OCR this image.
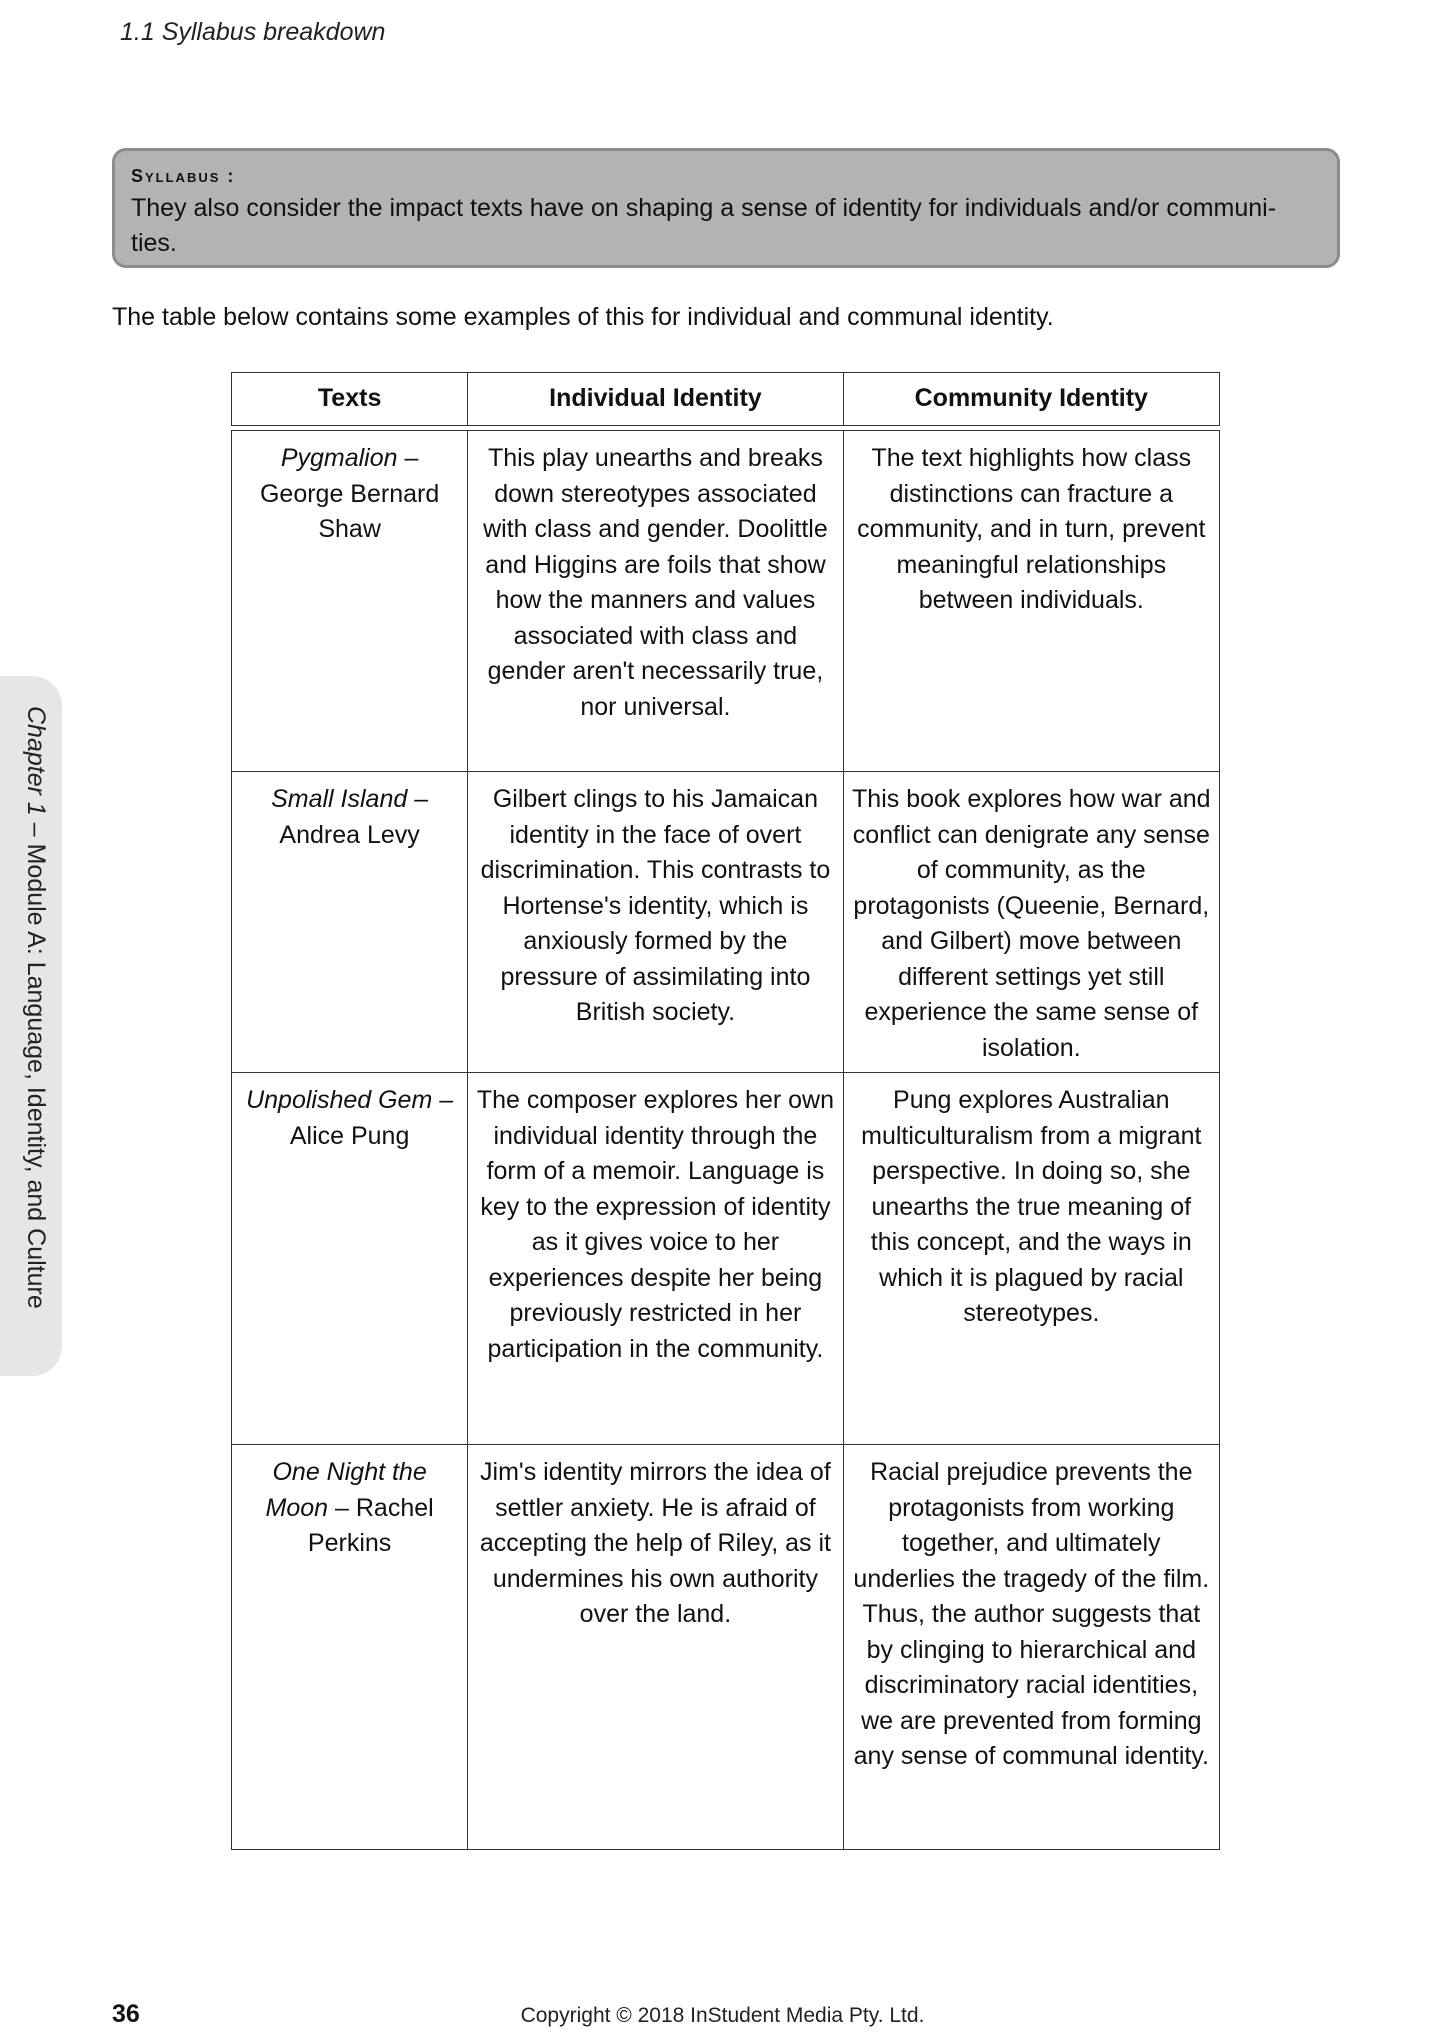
1.1 Syllabus breakdown
Syllabus :
They also consider the impact texts have on shaping a sense of identity for individuals and/or communi-
ties.
The table below contains some examples of this for individual and communal identity.
Texts	Individual Identity	Community Identity

Pygmalion – George Bernard Shaw	This play unearths and breaks down stereotypes associated with class and gender. Doolittle and Higgins are foils that show how the manners and values associated with class and gender aren't necessarily true, nor universal.	The text highlights how class distinctions can fracture a community, and in turn, prevent meaningful relationships between individuals.
Small Island – Andrea Levy	Gilbert clings to his Jamaican identity in the face of overt discrimination. This contrasts to Hortense's identity, which is anxiously formed by the pressure of assimilating into British society.	This book explores how war and conflict can denigrate any sense of community, as the protagonists (Queenie, Bernard, and Gilbert) move between different settings yet still experience the same sense of isolation.
Unpolished Gem – Alice Pung	The composer explores her own individual identity through the form of a memoir. Language is key to the expression of identity as it gives voice to her experiences despite her being previously restricted in her participation in the community.	Pung explores Australian multiculturalism from a migrant perspective. In doing so, she unearths the true meaning of this concept, and the ways in which it is plagued by racial stereotypes.
One Night the Moon – Rachel Perkins	Jim's identity mirrors the idea of settler anxiety. He is afraid of accepting the help of Riley, as it undermines his own authority over the land.	Racial prejudice prevents the protagonists from working together, and ultimately underlies the tragedy of the film. Thus, the author suggests that by clinging to hierarchical and discriminatory racial identities, we are prevented from forming any sense of communal identity.
Chapter 1 – Module A: Language, Identity, and Culture
36	Copyright © 2018 InStudent Media Pty. Ltd.
